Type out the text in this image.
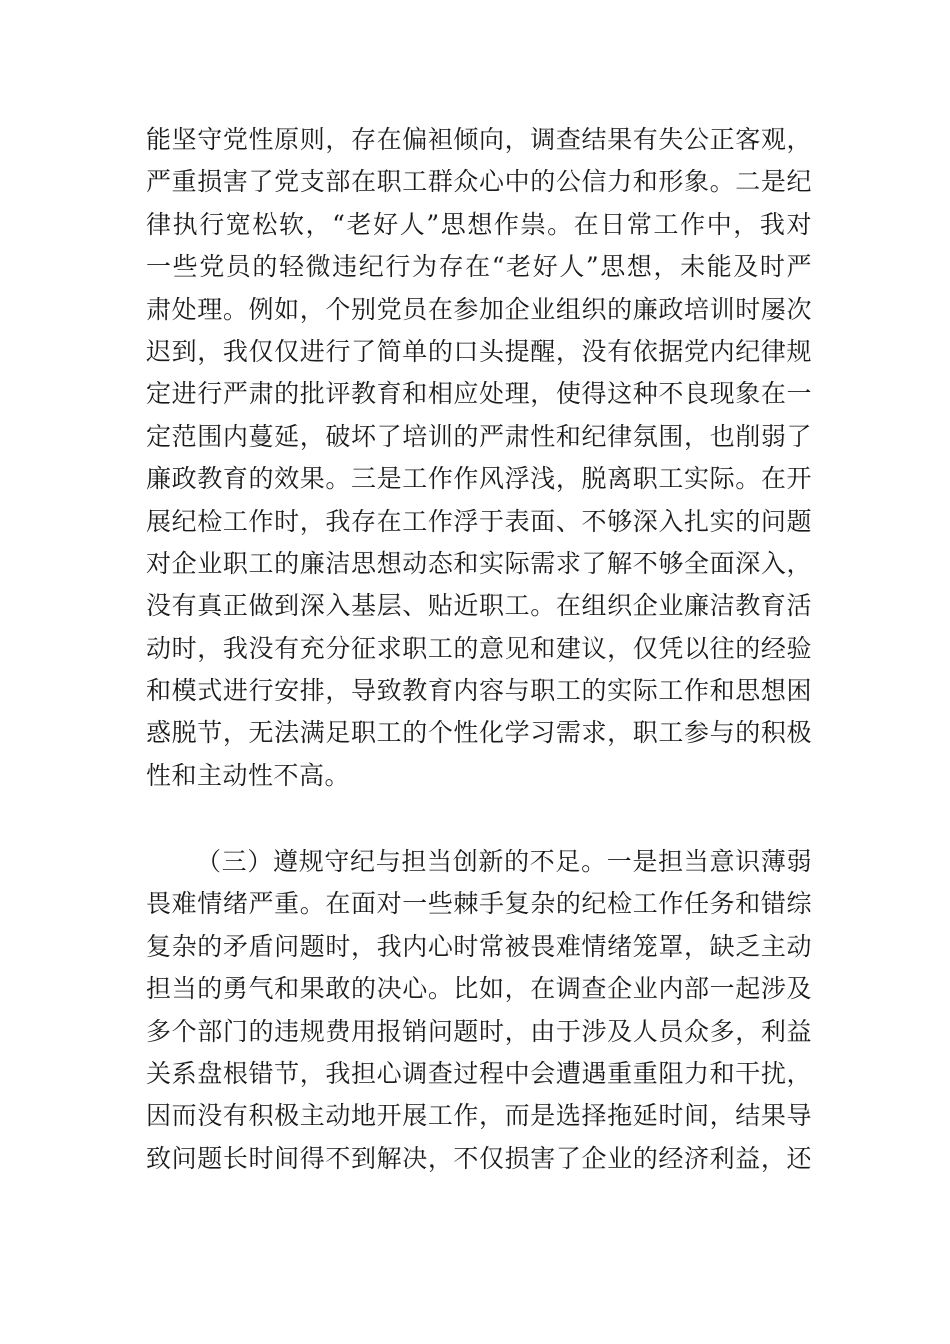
能坚守党性原则，存在偏袒倾向，调查结果有失公正客观，
严重损害了党支部在职工群众心中的公信力和形象。二是纪
律执行宽松软，“老好人”思想作祟。在日常工作中，我对
一些党员的轻微违纪行为存在“老好人”思想，未能及时严
肃处理。例如，个别党员在参加企业组织的廉政培训时屡次
迟到，我仅仅进行了简单的口头提醒，没有依据党内纪律规
定进行严肃的批评教育和相应处理，使得这种不良现象在一
定范围内蔓延，破坏了培训的严肃性和纪律氛围，也削弱了
廉政教育的效果。三是工作作风浮浅，脱离职工实际。在开
展纪检工作时，我存在工作浮于表面、不够深入扎实的问题
对企业职工的廉洁思想动态和实际需求了解不够全面深入，
没有真正做到深入基层、贴近职工。在组织企业廉洁教育活
动时，我没有充分征求职工的意见和建议，仅凭以往的经验
和模式进行安排，导致教育内容与职工的实际工作和思想困
惑脱节，无法满足职工的个性化学习需求，职工参与的积极
性和主动性不高。
（三）遵规守纪与担当创新的不足。一是担当意识薄弱
畏难情绪严重。在面对一些棘手复杂的纪检工作任务和错综
复杂的矛盾问题时，我内心时常被畏难情绪笼罩，缺乏主动
担当的勇气和果敢的决心。比如，在调查企业内部一起涉及
多个部门的违规费用报销问题时，由于涉及人员众多，利益
关系盘根错节，我担心调查过程中会遭遇重重阻力和干扰，
因而没有积极主动地开展工作，而是选择拖延时间，结果导
致问题长时间得不到解决，不仅损害了企业的经济利益，还
